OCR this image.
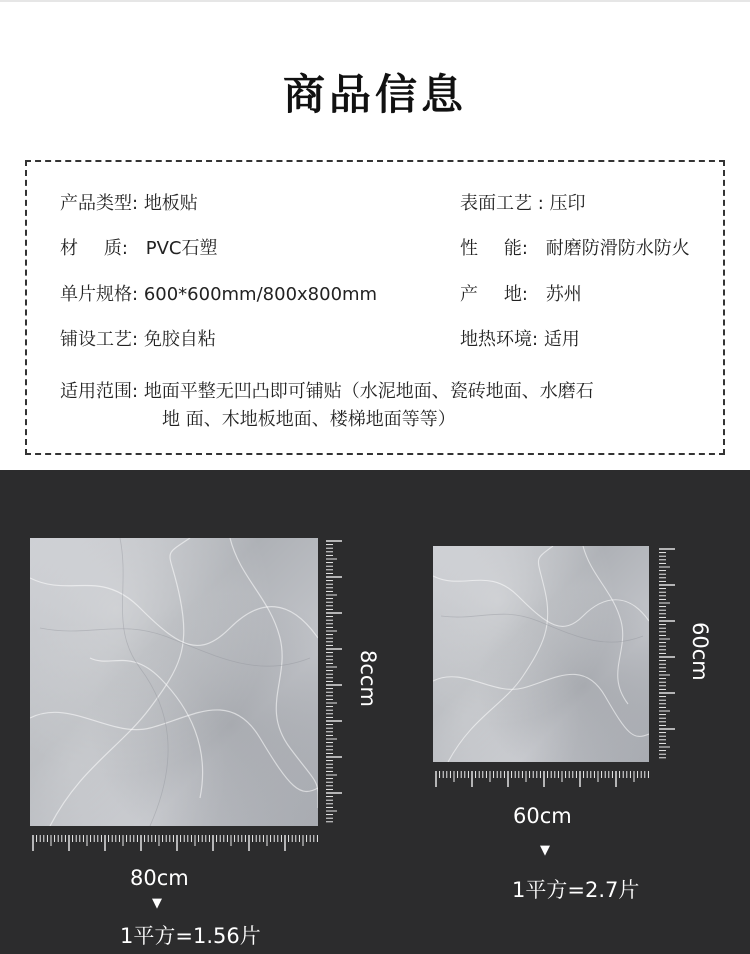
商品信息
产品类型: 地板贴	表面工艺 : 压印
材 质: PVC石塑	性 能: 耐磨防滑防水防火
单片规格: 600*600mm/800x800mm	产 地: 苏州
铺设工艺: 免胶自粘	地热环境: 适用
适用范围: 地面平整无凹凸即可铺贴（水泥地面、瓷砖地面、水磨石
地 面、木地板地面、楼梯地面等等）
8ccm
80cm
▼
1平方=1.56片
60cm
60cm
▼
1平方=2.7片
